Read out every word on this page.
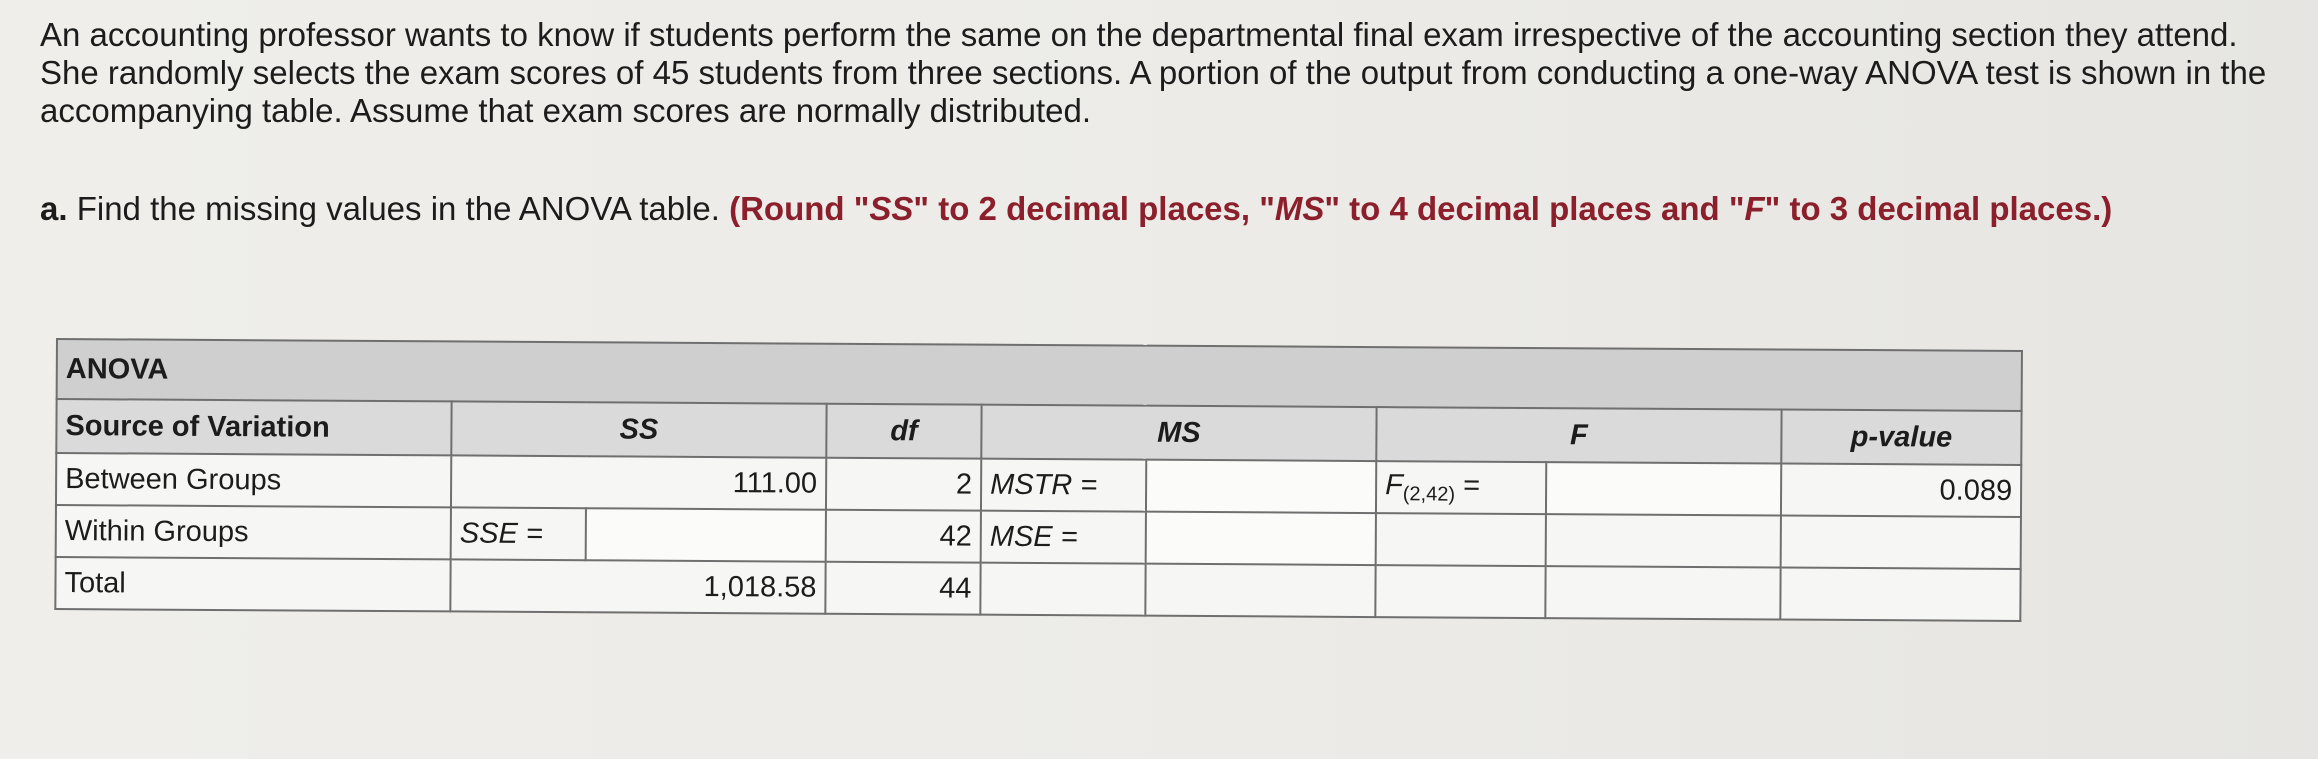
An accounting professor wants to know if students perform the same on the departmental final exam irrespective of the accounting section they attend. She randomly selects the exam scores of 45 students from three sections. A portion of the output from conducting a one-way ANOVA test is shown in the accompanying table. Assume that exam scores are normally distributed.
a. Find the missing values in the ANOVA table. (Round "SS" to 2 decimal places, "MS" to 4 decimal places and "F" to 3 decimal places.)
ANOVA								
Source of Variation	SS		df	MS		F		p-value
Between Groups	111.00		2	MSTR =		$F_{(2,42)}$ =		0.089
Within Groups	SSE =		42	MSE =				
Total	1,018.58		44					
